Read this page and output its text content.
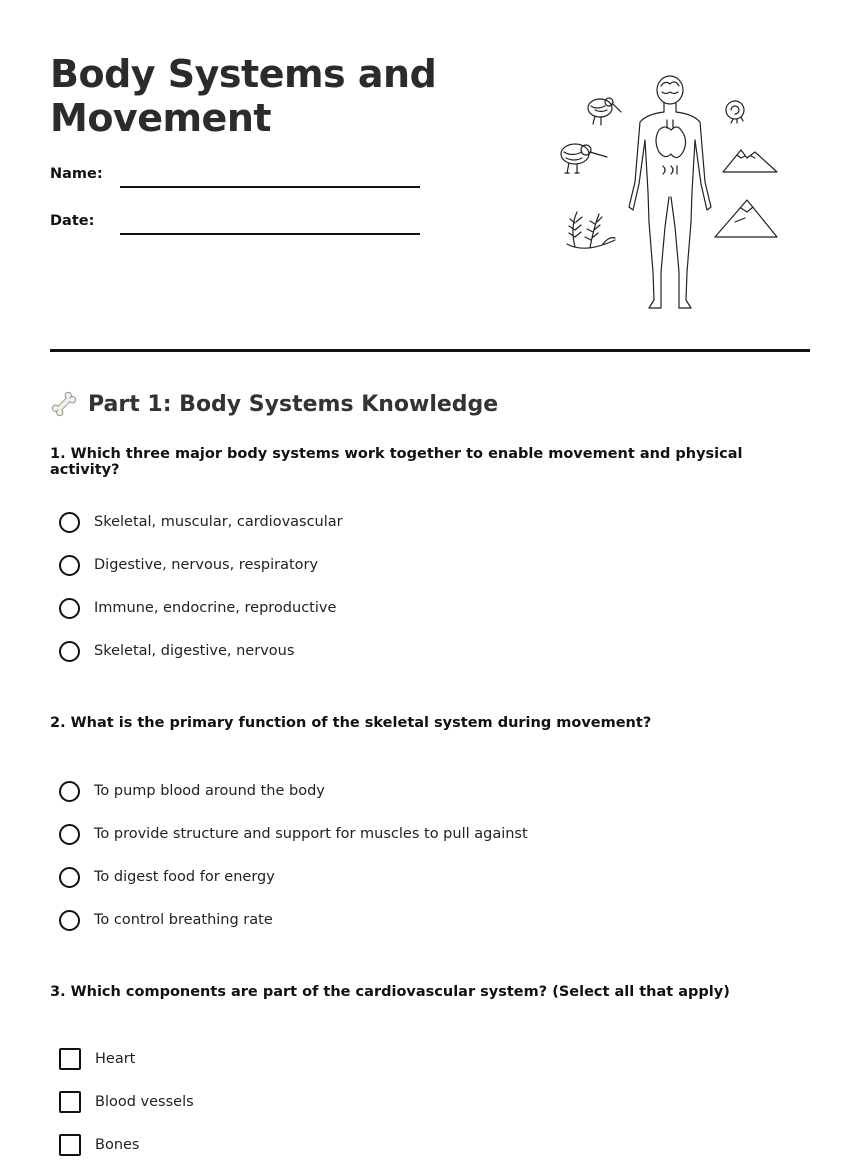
Body Systems and Movement
Name:
Date:
Part 1: Body Systems Knowledge
1. Which three major body systems work together to enable movement and physical activity?
Skeletal, muscular, cardiovascular
Digestive, nervous, respiratory
Immune, endocrine, reproductive
Skeletal, digestive, nervous
2. What is the primary function of the skeletal system during movement?
To pump blood around the body
To provide structure and support for muscles to pull against
To digest food for energy
To control breathing rate
3. Which components are part of the cardiovascular system? (Select all that apply)
Heart
Blood vessels
Bones
